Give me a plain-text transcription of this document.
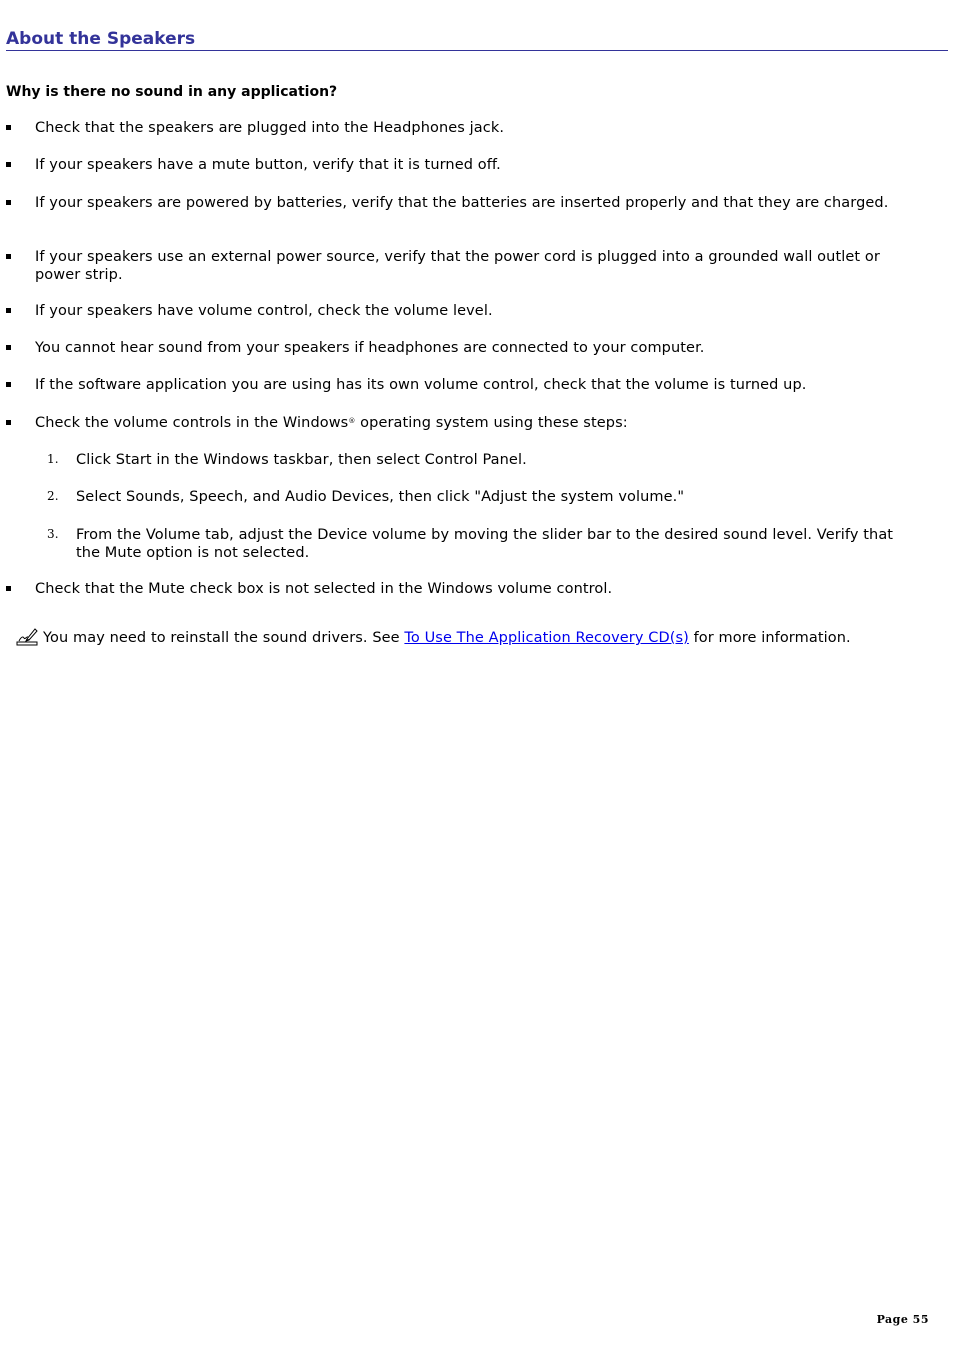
About the Speakers

Why is there no sound in any application?

Check that the speakers are plugged into the Headphones jack.
If your speakers have a mute button, verify that it is turned off.
If your speakers are powered by batteries, verify that the batteries are inserted properly and that they are charged.
If your speakers use an external power source, verify that the power cord is plugged into a grounded wall outlet or power strip.
If your speakers have volume control, check the volume level.
You cannot hear sound from your speakers if headphones are connected to your computer.
If the software application you are using has its own volume control, check that the volume is turned up.
Check the volume controls in the Windows® operating system using these steps:
1. Click Start in the Windows taskbar, then select Control Panel.
2. Select Sounds, Speech, and Audio Devices, then click "Adjust the system volume."
3. From the Volume tab, adjust the Device volume by moving the slider bar to the desired sound level. Verify that the Mute option is not selected.
Check that the Mute check box is not selected in the Windows volume control.
You may need to reinstall the sound drivers. See To Use The Application Recovery CD(s) for more information.
Page 55
